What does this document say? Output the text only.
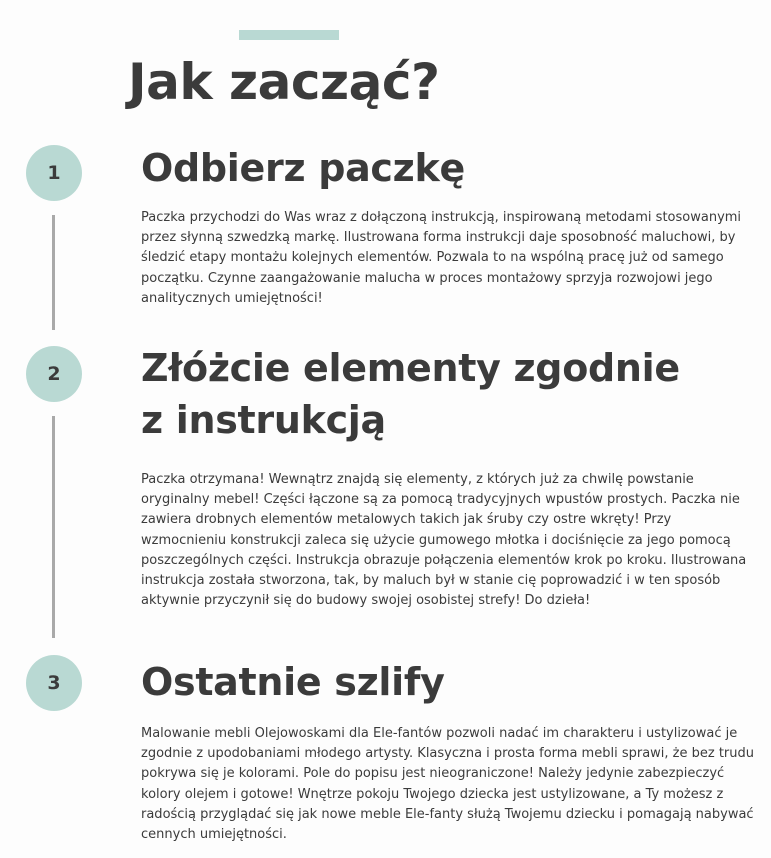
Jak zacząć?
1 Odbierz paczkę

Paczka przychodzi do Was wraz z dołączoną instrukcją, inspirowaną metodami stosowanymi przez słynną szwedzką markę. Ilustrowana forma instrukcji daje sposobność maluchowi, by śledzić etapy montażu kolejnych elementów. Pozwala to na wspólną pracę już od samego początku. Czynne zaangażowanie malucha w proces montażowy sprzyja rozwojowi jego analitycznych umiejętności!

2 Złóżcie elementy zgodnie
z instrukcją

Paczka otrzymana! Wewnątrz znajdą się elementy, z których już za chwilę powstanie oryginalny mebel! Części łączone są za pomocą tradycyjnych wpustów prostych. Paczka nie zawiera drobnych elementów metalowych takich jak śruby czy ostre wkręty! Przy wzmocnieniu konstrukcji zaleca się użycie gumowego młotka i dociśnięcie za jego pomocą poszczególnych części. Instrukcja obrazuje połączenia elementów krok po kroku. Ilustrowana instrukcja została stworzona, tak, by maluch był w stanie cię poprowadzić i w ten sposób aktywnie przyczynił się do budowy swojej osobistej strefy! Do dzieła!

3 Ostatnie szlify

Malowanie mebli Olejowoskami dla Ele-fantów pozwoli nadać im charakteru i ustylizować je zgodnie z upodobaniami młodego artysty. Klasyczna i prosta forma mebli sprawi, że bez trudu pokrywa się je kolorami. Pole do popisu jest nieograniczone! Należy jedynie zabezpieczyć kolory olejem i gotowe! Wnętrze pokoju Twojego dziecka jest ustylizowane, a Ty możesz z radością przyglądać się jak nowe meble Ele-fanty służą Twojemu dziecku i pomagają nabywać cennych umiejętności.
